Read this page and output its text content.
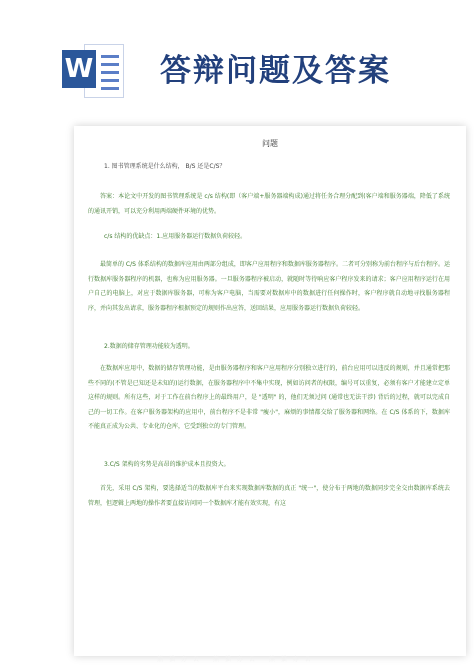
W 答辩问题及答案
问题

1. 图书管理系统是什么结构， B/S 还是C/S？

答案：本论文中开发的图书管理系统是 c/s 结构(即（客户端+服务器端构成)通过将任务合理分配到(客户端和服务器端，降低了系统的通讯开销，可以充分利用两端硬件环境的优势。

c/s 结构的优缺点：1.应用服务器运行数据负荷较轻。

最简单的 C/S 体系结构的数据库应用由两部分组成，即客户应用程序和数据库服务器程序。二者可分别称为前台程序与后台程序。运行数据库服务器程序的机器，也称为应用服务器。一旦服务器程序被启动，就随时等待响应客户程序发来的请求；客户应用程序运行在用户自己的电脑上，对应于数据库服务器，可称为客户电脑，当需要对数据库中的数据进行任何操作时，客户程序就自动地寻找服务器程序，并向其发出请求，服务器程序根据预定的规则作出应答，送回结果，应用服务器运行数据负荷较轻。

2.数据的储存管理功能较为透明。

在数据库应用中，数据的储存管理功能，是由服务器程序和客户应用程序分别独立进行的，前台应用可以违反的规则，并且通常把那些不同的(不管是已知还是未知的)运行数据，在服务器程序中不集中实现，例如访问者的权限，编号可以重复，必须有客户才能建立定单这样的规则。所有这些，对于工作在前台程序上的最终用户，是 "透明" 的，他们无须过问 (通常也无法干涉) 背后的过程，就可以完成自己的一切工作。在客户服务器架构的应用中，前台程序不是非常 "瘦小"，麻烦的事情都交给了服务器和网络。在 C/S 体系的下，数据库不能真正成为公共、专业化的仓库，它受到独立的专门管理。

3.C/S 架构的劣势是高昂的维护成本且投资大。

首先，采用 C/S 架构，要选择适当的数据库平台来实现数据库数据的真正 "统一"，使分布于两地的数据同步完全交由数据库系统去管理，但逻辑上两地的操作者要直接访问同一个数据库才能有效实现，有这

熊猫办公 熊猫办公 熊猫办公
